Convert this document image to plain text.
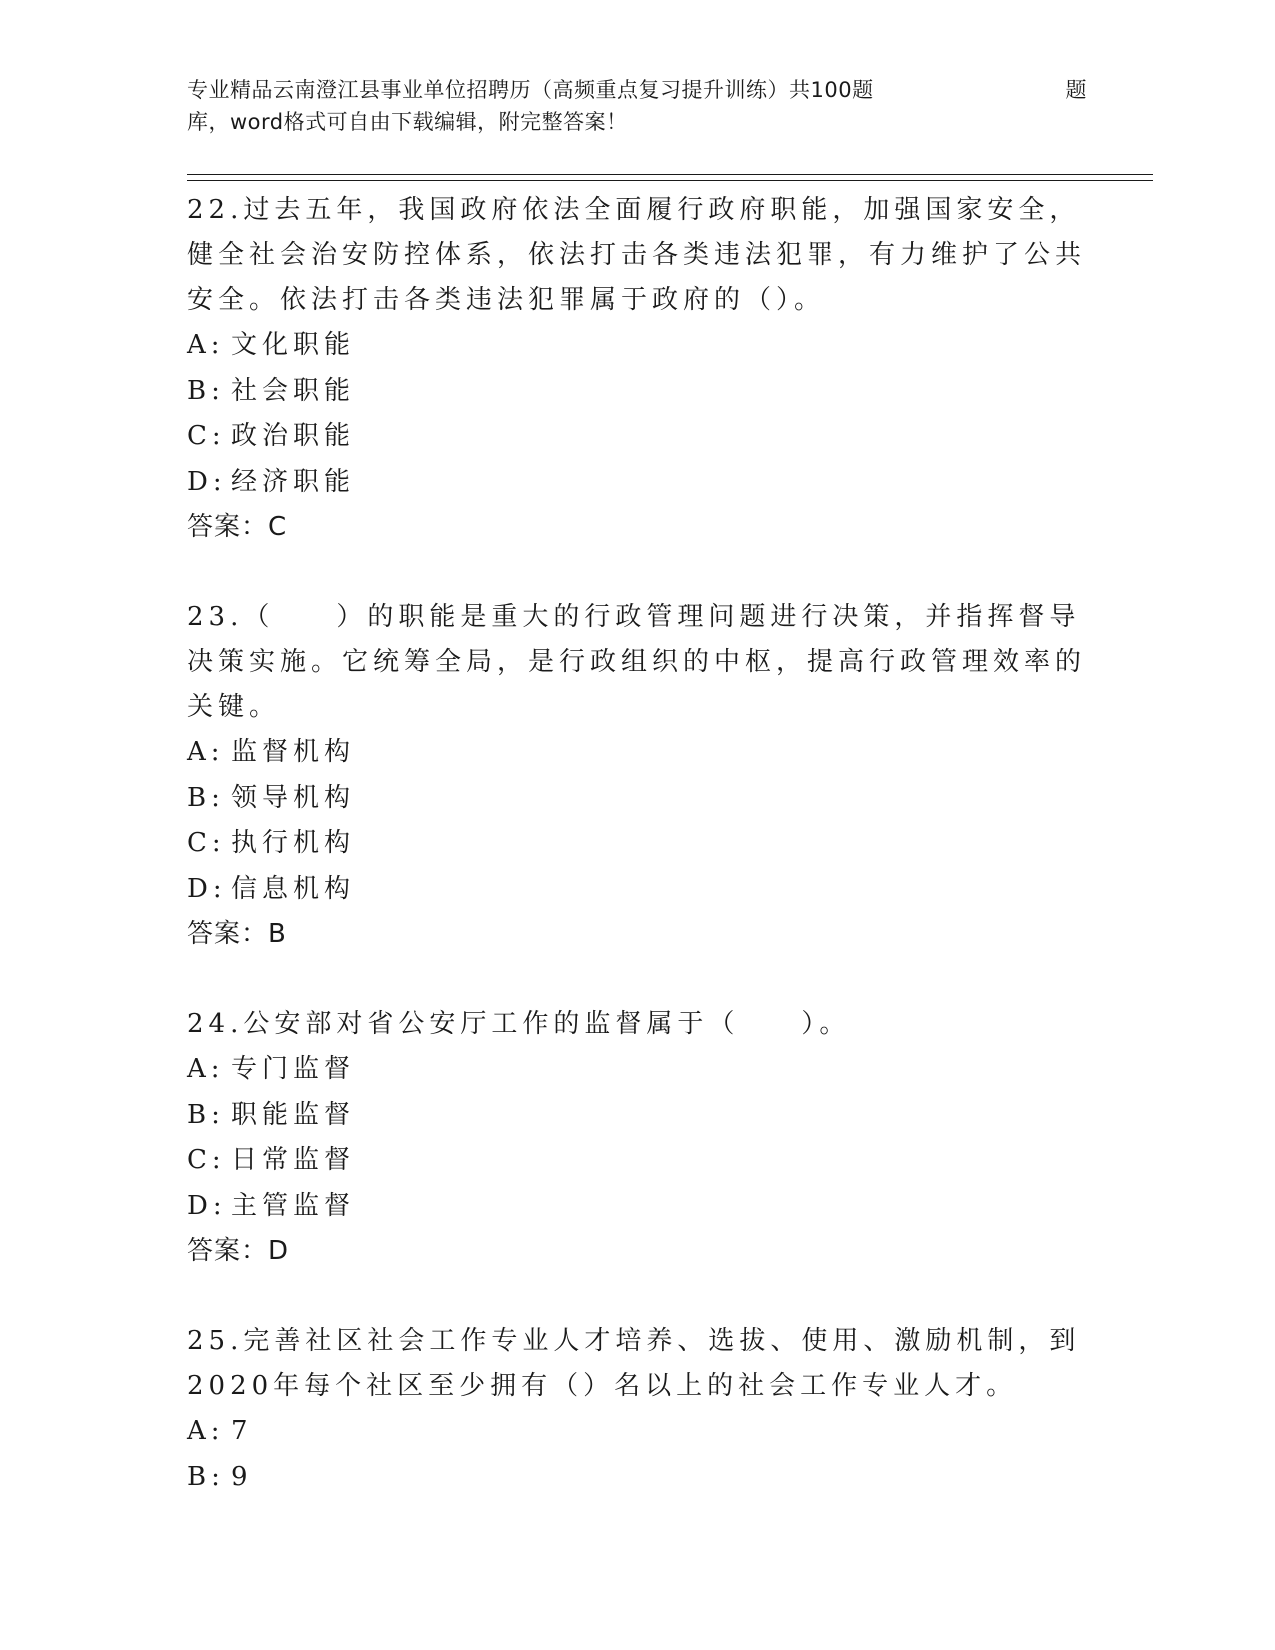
专业精品云南澄江县事业单位招聘历（高频重点复习提升训练）共100题	题
库，word格式可自由下载编辑，附完整答案！

22.过去五年，我国政府依法全面履行政府职能，加强国家安全，健全社会治安防控体系，依法打击各类违法犯罪，有力维护了公共安全。依法打击各类违法犯罪属于政府的（）。

A: 文化职能
B: 社会职能
C: 政治职能
D: 经济职能
答案：C

23.（　　）的职能是重大的行政管理问题进行决策，并指挥督导决策实施。它统筹全局，是行政组织的中枢，提高行政管理效率的关键。

A: 监督机构
B: 领导机构
C: 执行机构
D: 信息机构
答案：B

24.公安部对省公安厅工作的监督属于（　　）。

A: 专门监督
B: 职能监督
C: 日常监督
D: 主管监督
答案：D

25.完善社区社会工作专业人才培养、选拔、使用、激励机制，到2020年每个社区至少拥有（）名以上的社会工作专业人才。

A: 7
B: 9
